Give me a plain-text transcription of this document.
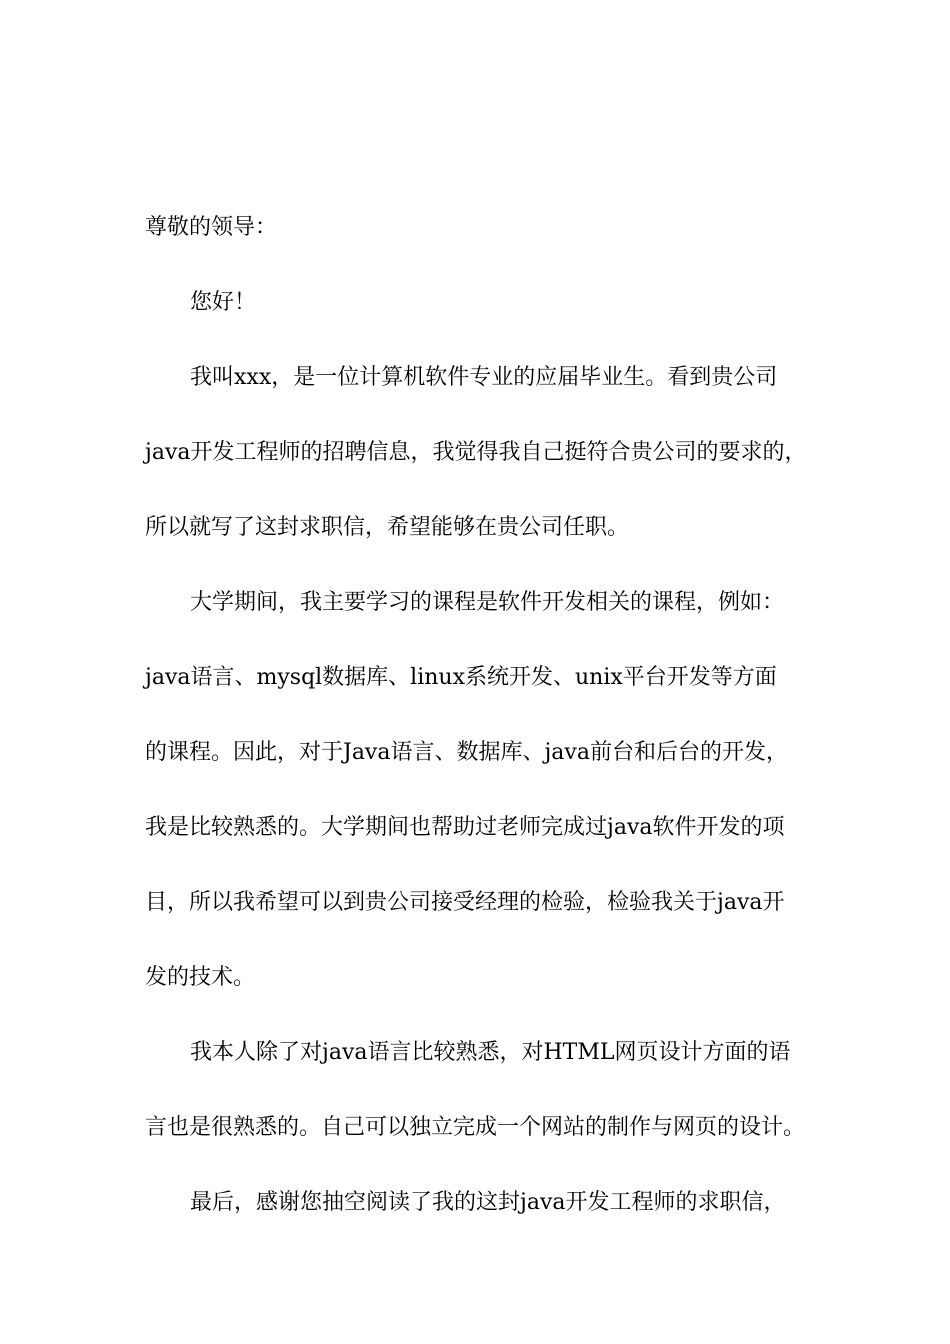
尊敬的领导：
您好！
我叫xxx，是一位计算机软件专业的应届毕业生。看到贵公司
java开发工程师的招聘信息，我觉得我自己挺符合贵公司的要求的，
所以就写了这封求职信，希望能够在贵公司任职。
大学期间，我主要学习的课程是软件开发相关的课程，例如：
java语言、mysql数据库、linux系统开发、unix平台开发等方面
的课程。因此，对于Java语言、数据库、java前台和后台的开发，
我是比较熟悉的。大学期间也帮助过老师完成过java软件开发的项
目，所以我希望可以到贵公司接受经理的检验，检验我关于java开
发的技术。
我本人除了对java语言比较熟悉，对HTML网页设计方面的语
言也是很熟悉的。自己可以独立完成一个网站的制作与网页的设计。
最后，感谢您抽空阅读了我的这封java开发工程师的求职信，
